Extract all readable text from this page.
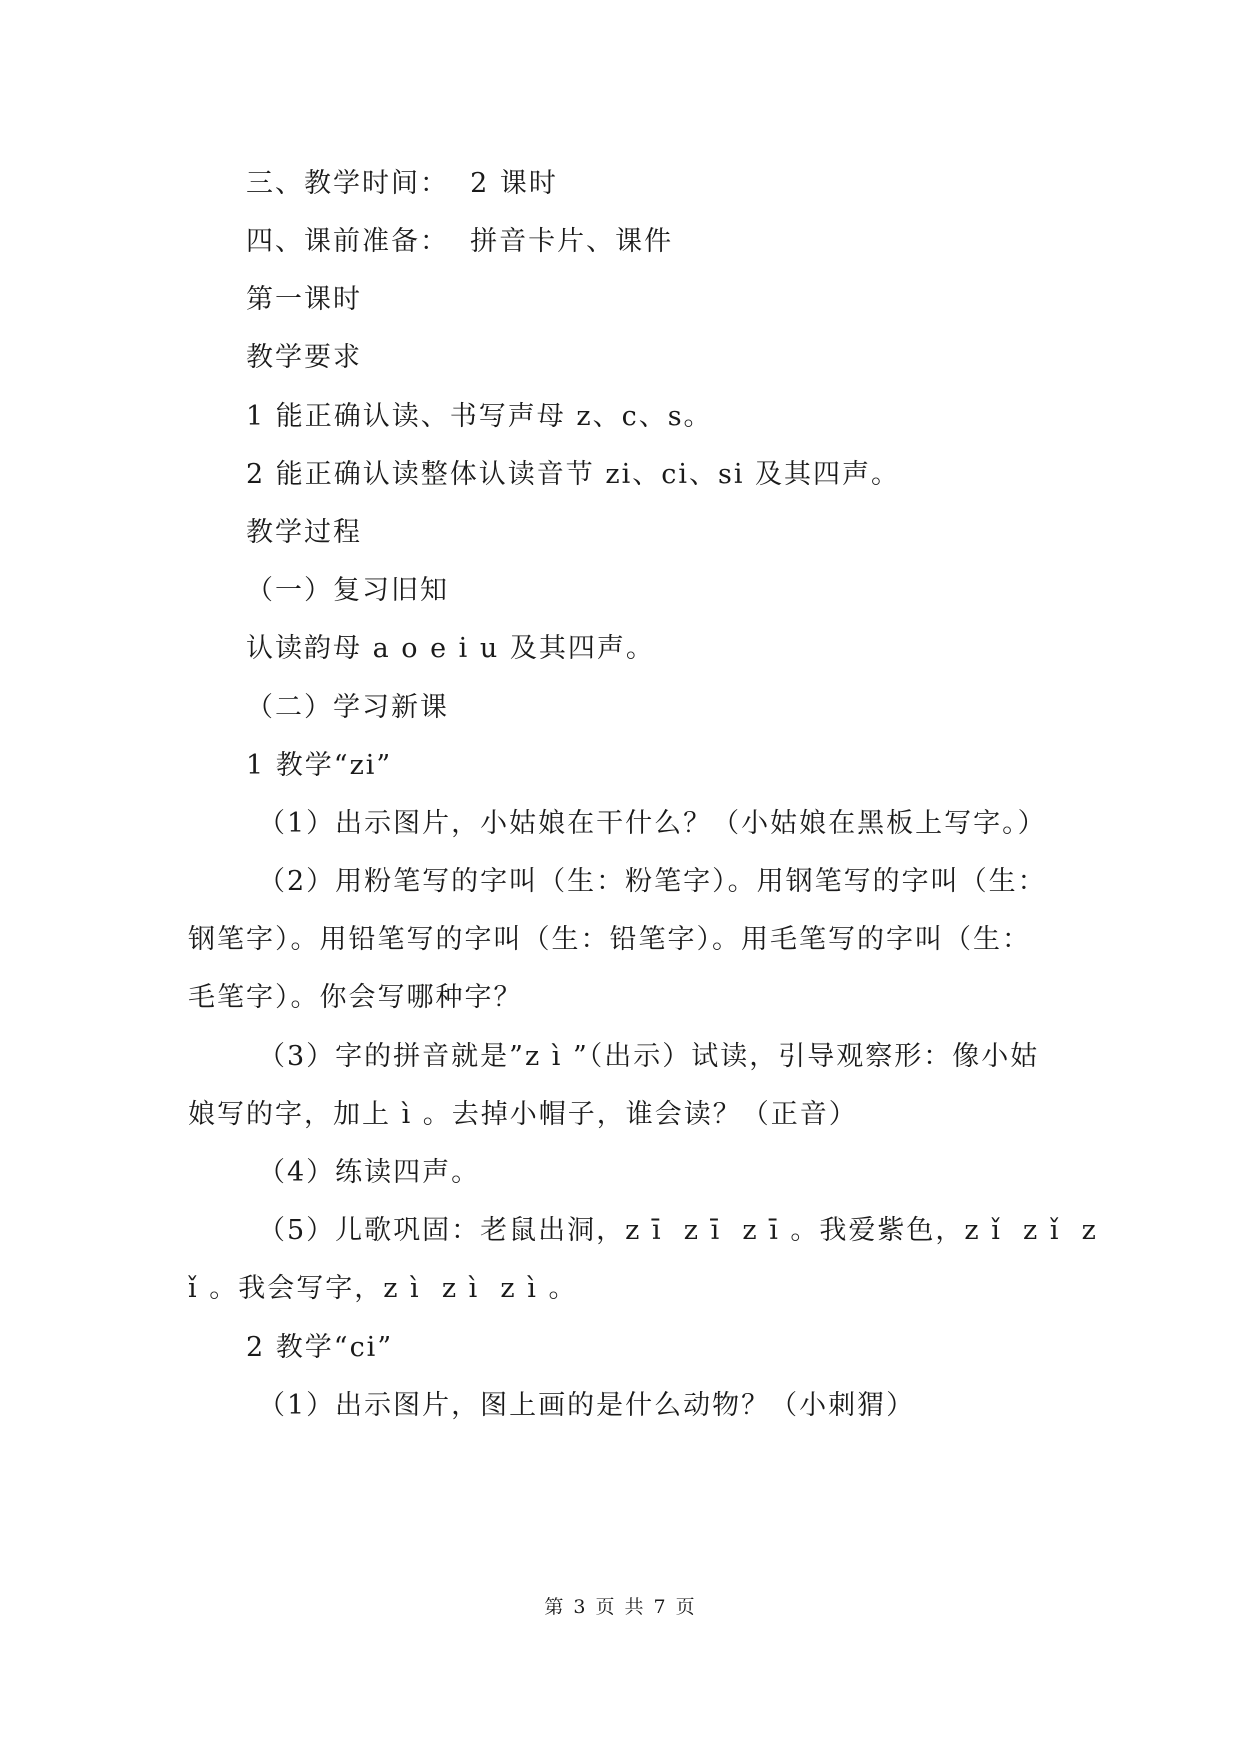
三、教学时间：  2 课时
四、课前准备：  拼音卡片、课件
第一课时
教学要求
1 能正确认读、书写声母 z、c、s。
2 能正确认读整体认读音节 zi、ci、si 及其四声。
教学过程
（一）复习旧知
认读韵母 a o e i u 及其四声。
（二）学习新课
1 教学“zi”
（1）出示图片，小姑娘在干什么？（小姑娘在黑板上写字。）
（2）用粉笔写的字叫（生：粉笔字）。用钢笔写的字叫（生：
钢笔字）。用铅笔写的字叫（生：铅笔字）。用毛笔写的字叫（生：
毛笔字）。你会写哪种字？
（3）字的拼音就是”z ì ”（出示）试读，引导观察形：像小姑
娘写的字，加上 ì 。去掉小帽子，谁会读？（正音）
（4）练读四声。
（5）儿歌巩固：老鼠出洞，z ī  z ī  z ī 。我爱紫色，z ǐ  z ǐ  z
ǐ 。我会写字，z ì  z ì  z ì 。
2 教学“ci”
（1）出示图片，图上画的是什么动物？（小刺猬）
第 3 页 共 7 页
